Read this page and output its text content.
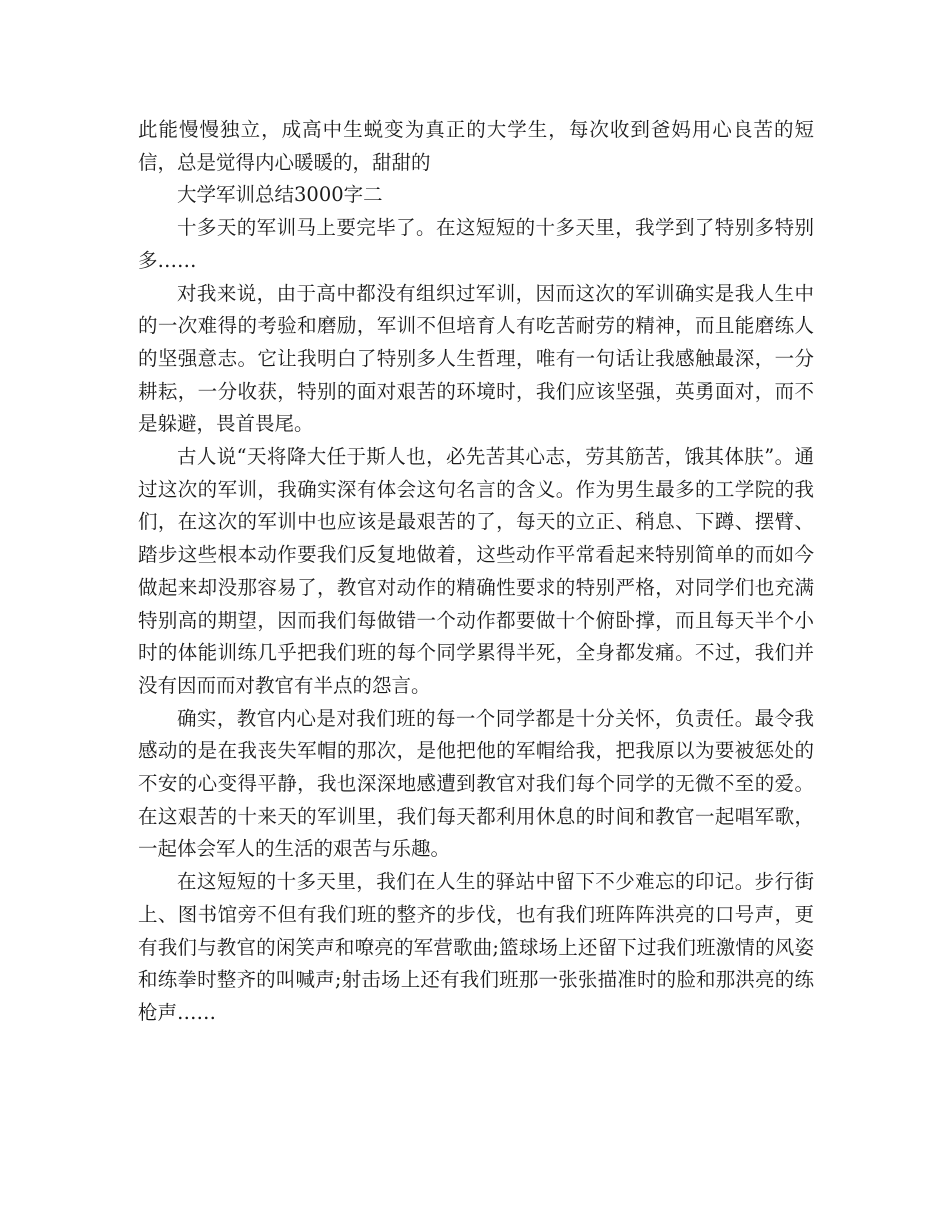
此能慢慢独立，成高中生蜕变为真正的大学生，每次收到爸妈用心良苦的短信，总是觉得内心暖暖的，甜甜的

大学军训总结3000字二

十多天的军训马上要完毕了。在这短短的十多天里，我学到了特别多特别多……

对我来说，由于高中都没有组织过军训，因而这次的军训确实是我人生中的一次难得的考验和磨励，军训不但培育人有吃苦耐劳的精神，而且能磨练人的坚强意志。它让我明白了特别多人生哲理，唯有一句话让我感触最深，一分耕耘，一分收获，特别的面对艰苦的环境时，我们应该坚强，英勇面对，而不是躲避，畏首畏尾。

古人说“天将降大任于斯人也，必先苦其心志，劳其筋苦，饿其体肤”。通过这次的军训，我确实深有体会这句名言的含义。作为男生最多的工学院的我们，在这次的军训中也应该是最艰苦的了，每天的立正、稍息、下蹲、摆臂、踏步这些根本动作要我们反复地做着，这些动作平常看起来特别简单的而如今做起来却没那容易了，教官对动作的精确性要求的特别严格，对同学们也充满特别高的期望，因而我们每做错一个动作都要做十个俯卧撑，而且每天半个小时的体能训练几乎把我们班的每个同学累得半死，全身都发痛。不过，我们并没有因而而对教官有半点的怨言。

确实，教官内心是对我们班的每一个同学都是十分关怀，负责任。最令我感动的是在我丧失军帽的那次，是他把他的军帽给我，把我原以为要被惩处的不安的心变得平静，我也深深地感遭到教官对我们每个同学的无微不至的爱。在这艰苦的十来天的军训里，我们每天都利用休息的时间和教官一起唱军歌，一起体会军人的生活的艰苦与乐趣。

在这短短的十多天里，我们在人生的驿站中留下不少难忘的印记。步行街上、图书馆旁不但有我们班的整齐的步伐，也有我们班阵阵洪亮的口号声，更有我们与教官的闲笑声和嘹亮的军营歌曲;篮球场上还留下过我们班激情的风姿和练拳时整齐的叫喊声;射击场上还有我们班那一张张描准时的脸和那洪亮的练枪声……
